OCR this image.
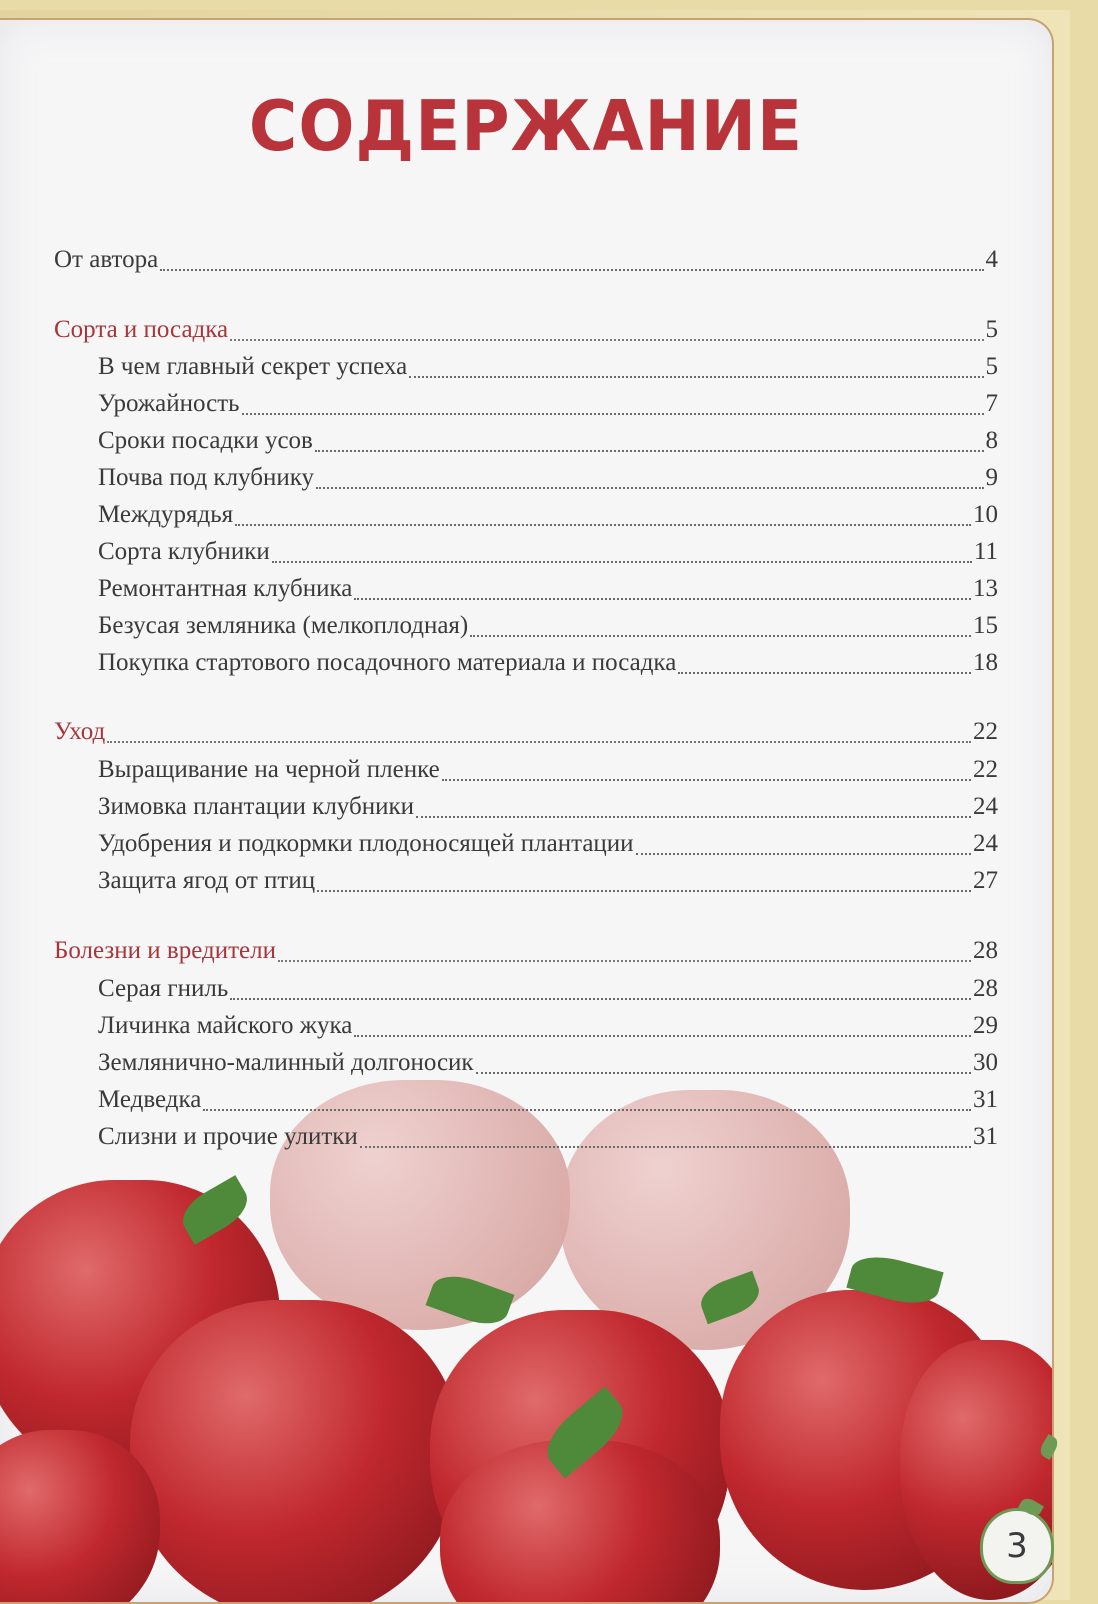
СОДЕРЖАНИЕ
От автора	4
Сорта и посадка	5
В чем главный секрет успеха	5
Урожайность	7
Сроки посадки усов	8
Почва под клубнику	9
Междурядья	10
Сорта клубники	11
Ремонтантная клубника	13
Безусая земляника (мелкоплодная)	15
Покупка стартового посадочного материала и посадка	18
Уход	22
Выращивание на черной пленке	22
Зимовка плантации клубники	24
Удобрения и подкормки плодоносящей плантации	24
Защита ягод от птиц	27
Болезни и вредители	28
Серая гниль	28
Личинка майского жука	29
Землянично-малинный долгоносик	30
Медведка	31
Слизни и прочие улитки	31
3
